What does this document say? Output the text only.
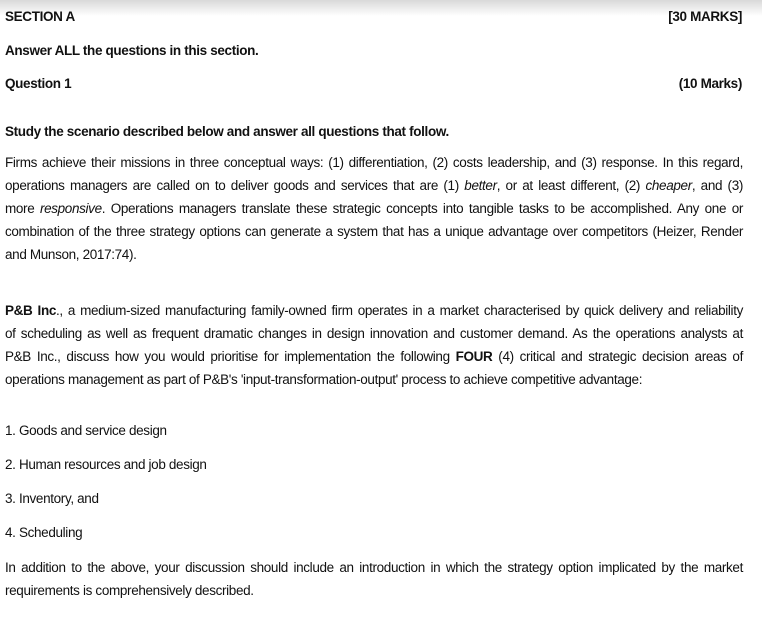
SECTION A	[30 MARKS]
Answer ALL the questions in this section.
Question 1	(10 Marks)
Study the scenario described below and answer all questions that follow.
Firms achieve their missions in three conceptual ways: (1) differentiation, (2) costs leadership, and (3) response. In this regard,
operations managers are called on to deliver goods and services that are (1) better, or at least different, (2) cheaper, and (3)
more responsive. Operations managers translate these strategic concepts into tangible tasks to be accomplished. Any one or
combination of the three strategy options can generate a system that has a unique advantage over competitors (Heizer, Render
and Munson, 2017:74).
P&B Inc., a medium-sized manufacturing family-owned firm operates in a market characterised by quick delivery and reliability
of scheduling as well as frequent dramatic changes in design innovation and customer demand. As the operations analysts at
P&B Inc., discuss how you would prioritise for implementation the following FOUR (4) critical and strategic decision areas of
operations management as part of P&B's 'input-transformation-output' process to achieve competitive advantage:
1. Goods and service design
2. Human resources and job design
3. Inventory, and
4. Scheduling
In addition to the above, your discussion should include an introduction in which the strategy option implicated by the market
requirements is comprehensively described.
